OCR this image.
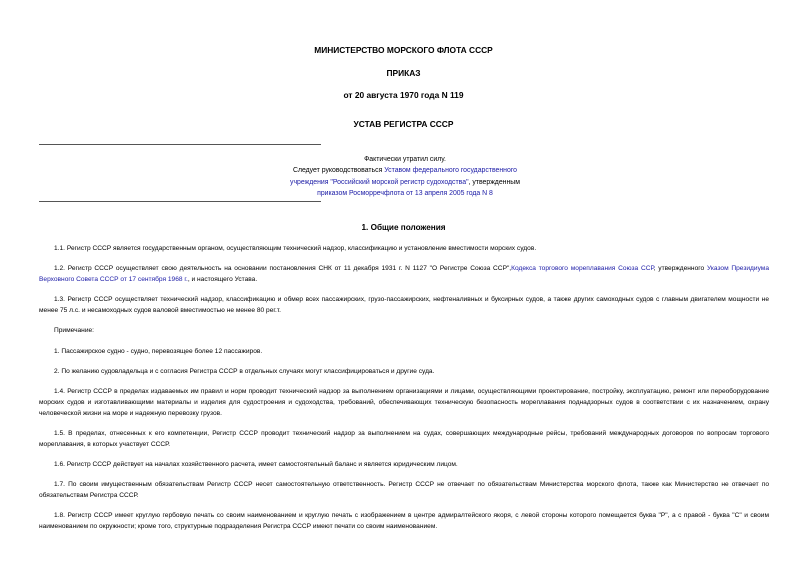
МИНИСТЕРСТВО МОРСКОГО ФЛОТА СССР
ПРИКАЗ
от 20 августа 1970 года N 119
УСТАВ РЕГИСТРА СССР
Фактически утратил силу.
Следует руководствоваться Уставом федерального государственного
учреждения "Российский морской регистр судоходства", утвержденным
приказом Росморречфлота от 13 апреля 2005 года N 8
1. Общие положения
1.1. Регистр СССР является государственным органом, осуществляющим технический надзор, классификацию и установление вместимости морских судов.
1.2. Регистр СССР осуществляет свою деятельность на основании постановления СНК от 11 декабря 1931 г. N 1127 "О Регистре Союза ССР",Кодекса торгового мореплавания Союза ССР, утвержденного Указом Президиума Верховного Совета СССР от 17 сентября 1968 г., и настоящего Устава.
1.3. Регистр СССР осуществляет технический надзор, классификацию и обмер всех пассажирских, грузо-пассажирских, нефтеналивных и буксирных судов, а также других самоходных судов с главным двигателем мощности не менее 75 л.с. и несамоходных судов валовой вместимостью не менее 80 рег.т.
Примечание:
1. Пассажирское судно - судно, перевозящее более 12 пассажиров.
2. По желанию судовладельца и с согласия Регистра СССР в отдельных случаях могут классифицироваться и другие суда.
1.4. Регистр СССР в пределах издаваемых им правил и норм проводит технический надзор за выполнением организациями и лицами, осуществляющими проектирование, постройку, эксплуатацию, ремонт или переоборудование морских судов и изготавливающими материалы и изделия для судостроения и судоходства, требований, обеспечивающих техническую безопасность мореплавания поднадзорных судов в соответствии с их назначением, охрану человеческой жизни на море и надежную перевозку грузов.
1.5. В пределах, отнесенных к его компетенции, Регистр СССР проводит технический надзор за выполнением на судах, совершающих международные рейсы, требований международных договоров по вопросам торгового мореплавания, в которых участвует СССР.
1.6. Регистр СССР действует на началах хозяйственного расчета, имеет самостоятельный баланс и является юридическим лицом.
1.7. По своим имущественным обязательствам Регистр СССР несет самостоятельную ответственность. Регистр СССР не отвечает по обязательствам Министерства морского флота, также как Министерство не отвечает по обязательствам Регистра СССР.
1.8. Регистр СССР имеет круглую гербовую печать со своим наименованием и круглую печать с изображением в центре адмиралтейского якоря, с левой стороны которого помещается буква "Р", а с правой - буква "С" и своим наименованием по окружности; кроме того, структурные подразделения Регистра СССР имеют печати со своим наименованием.
